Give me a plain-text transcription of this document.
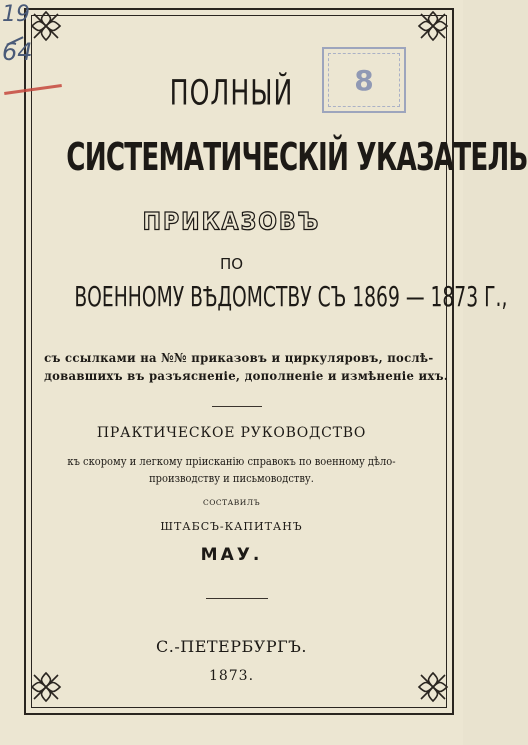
19
64
8
ПОЛНЫЙ
СИСТЕМАТИЧЕСКІЙ УКАЗАТЕЛЬ
ПРИКАЗОВЪ
ПО
ВОЕННОМУ ВѢДОМСТВУ СЪ 1869 — 1873 Г.,
съ ссылками на №№ приказовъ и циркуляровъ, послѣ-
довавшихъ въ разъясненіе, дополненіе и измѣненіе ихъ.
ПРАКТИЧЕСКОЕ РУКОВОДСТВО
къ скорому и легкому прiисканiю справокъ по военному дѣло-
производству и письмоводству.
СОСТАВИЛЪ
ШТАБСЪ-КАПИТАНЪ
МАУ.
С.-ПЕТЕРБУРГЪ.
1873.
